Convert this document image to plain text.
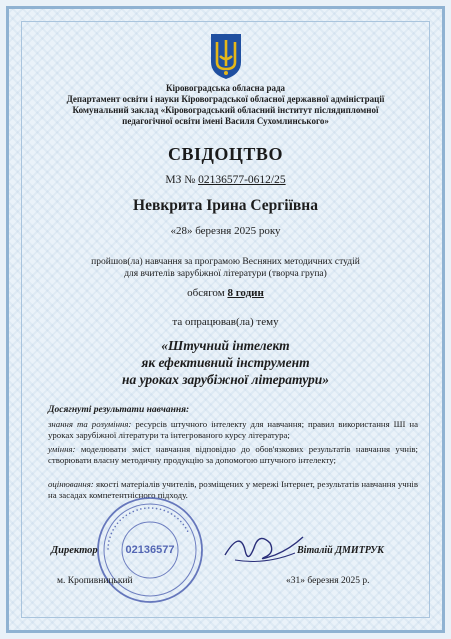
Кіровоградська обласна рада
Департамент освіти і науки Кіровоградської обласної державної адміністрації
Комунальний заклад «Кіровоградський обласний інститут післядипломної
педагогічної освіти імені Василя Сухомлинського»
СВІДОЦТВО
МЗ № 02136577-0612/25
Невкрита Ірина Сергіївна
«28» березня 2025 року
пройшов(ла) навчання за програмою Весняних методичних студій
для вчителів зарубіжної літератури (творча група)
обсягом 8 годин
та опрацював(ла) тему
«Штучний інтелект
як ефективний інструмент
на уроках зарубіжної літератури»
Досягнуті результати навчання:
знання та розуміння: ресурсів штучного інтелекту для навчання; правил використання ШІ на уроках зарубіжної літератури та інтегрованого курсу література;
уміння: моделювати зміст навчання відповідно до обов'язкових результатів навчання учнів; створювати власну методичну продукцію за допомогою штучного інтелекту;
оцінювання: якості матеріалів учителів, розміщених у мережі Інтернет, результатів навчання учнів на засадах компетентнісного підходу.
• • • • • • • • • • • • • • • • • • • • • • • • • • • • •
02136577
Директор	Віталій ДМИТРУК
м. Кропивницький	«31» березня 2025 р.
